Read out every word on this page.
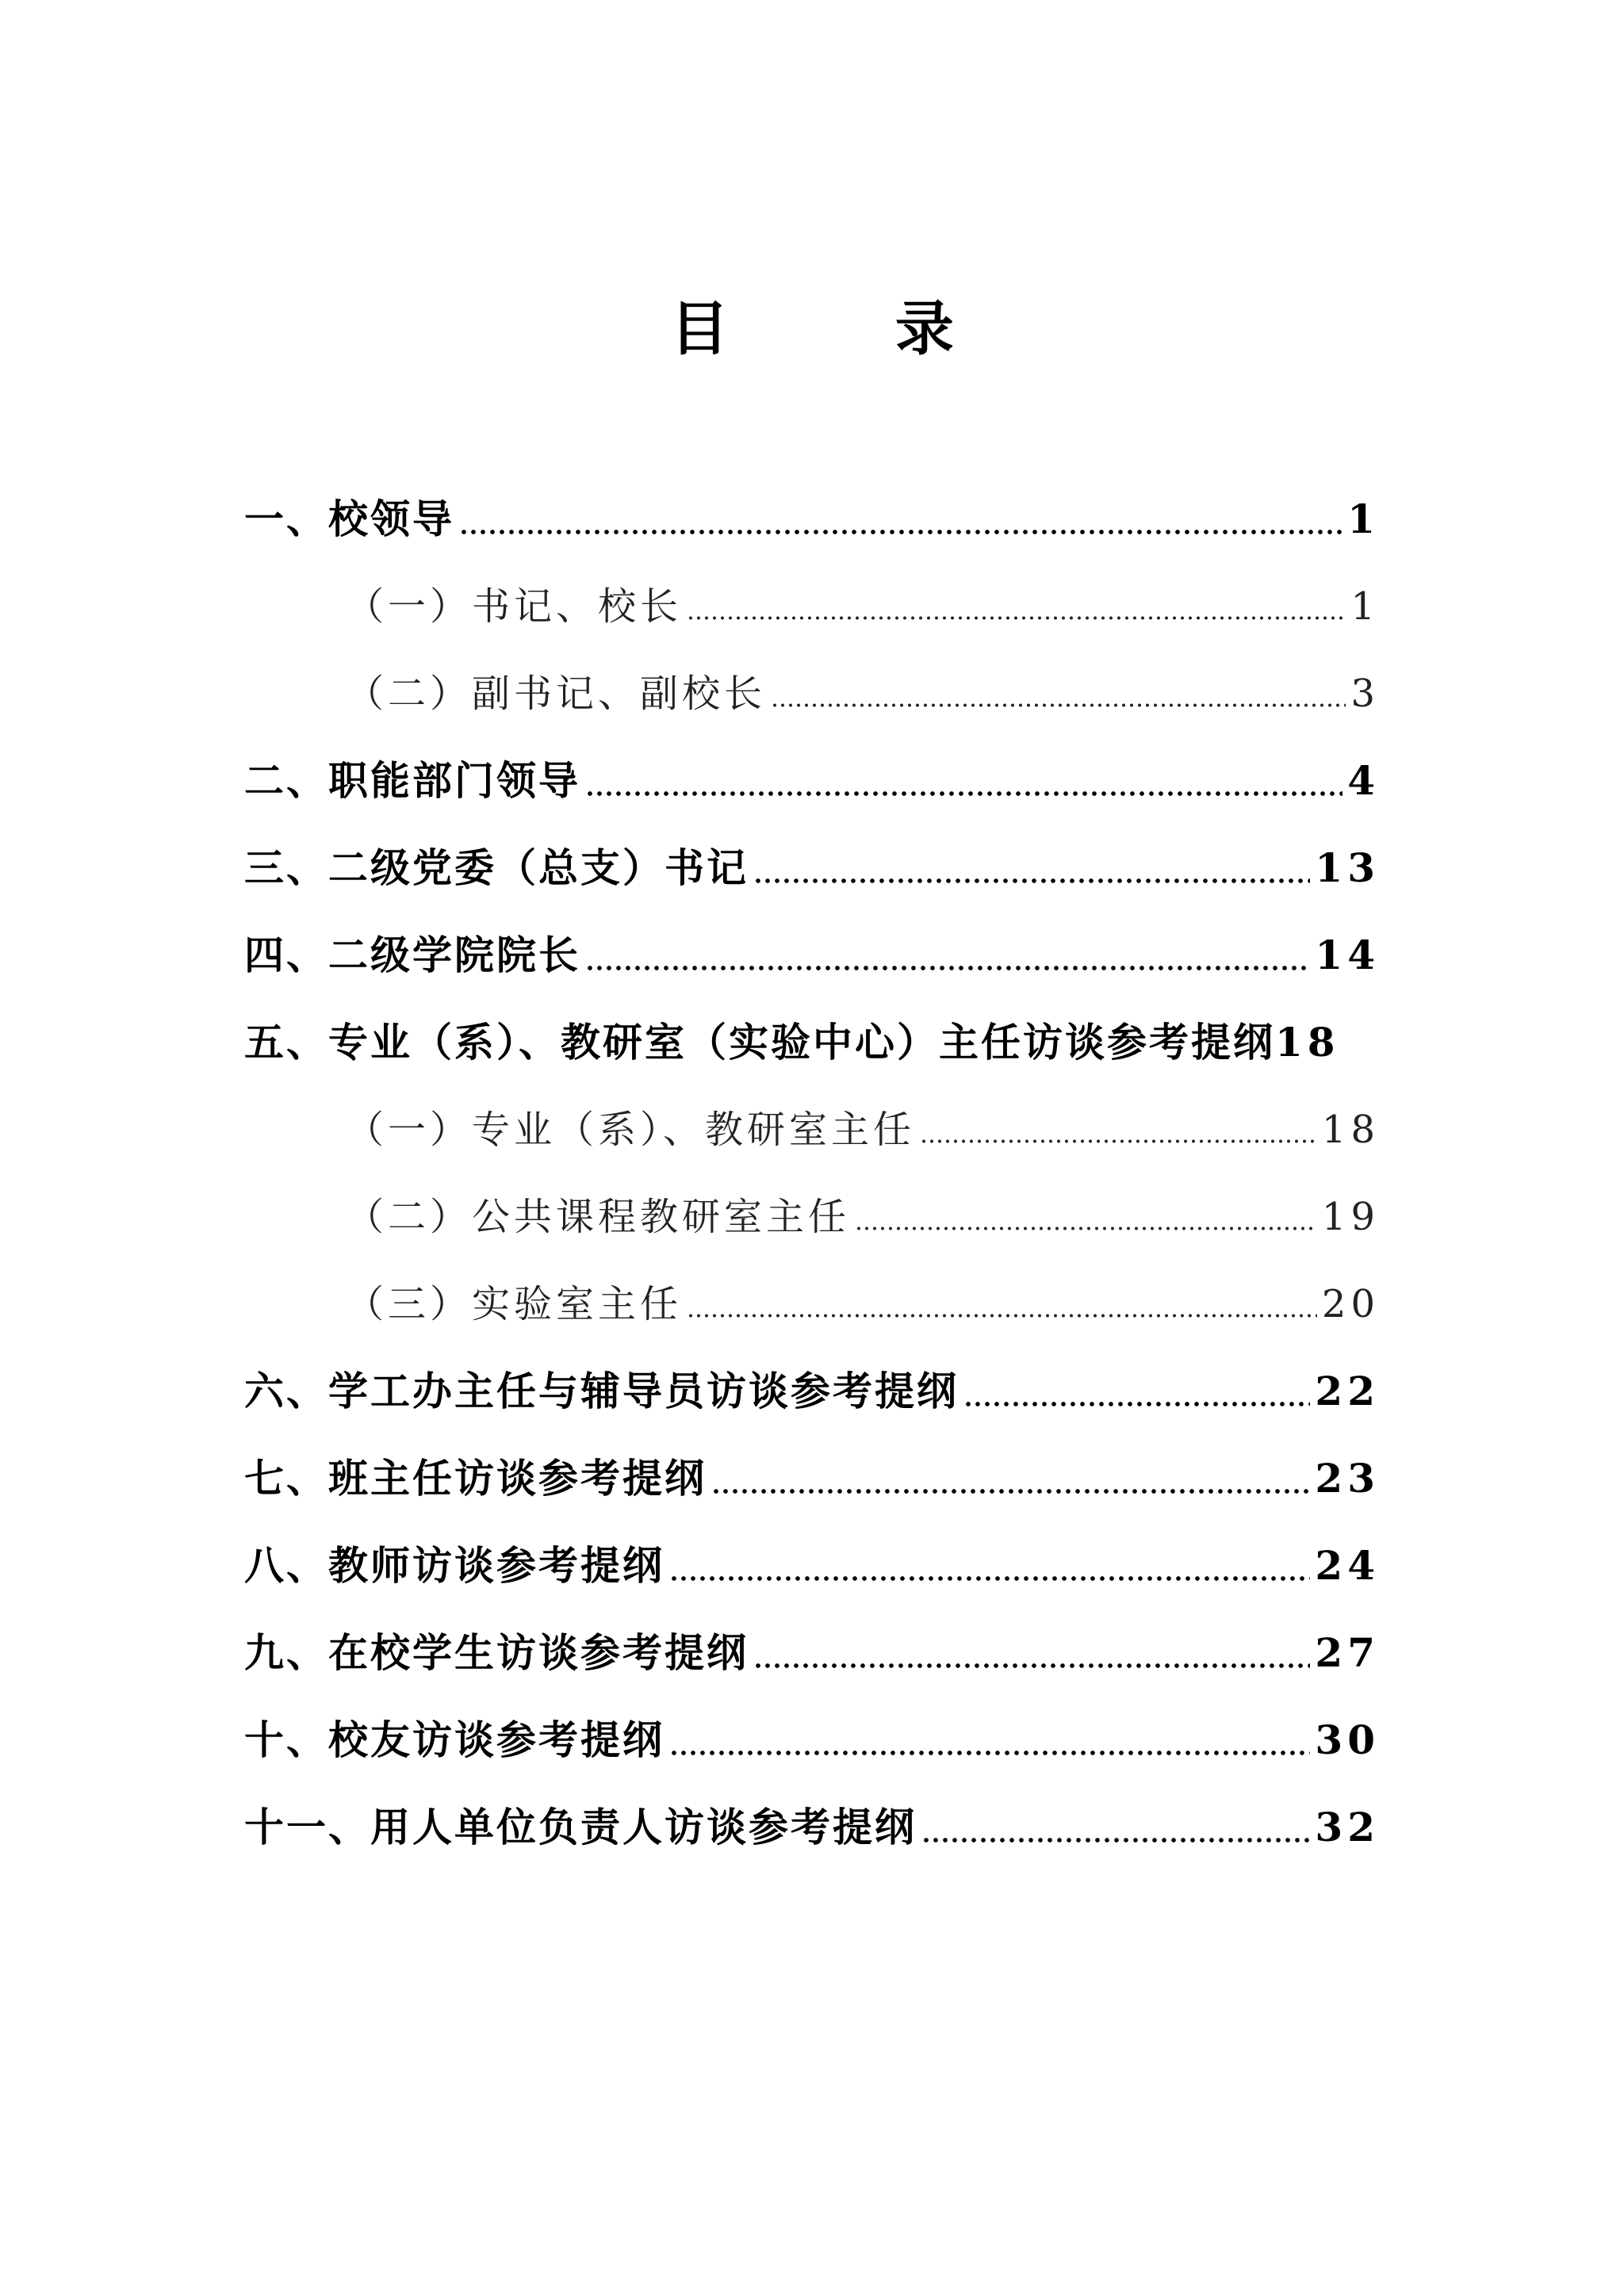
目 录
一、校领导	1
（一）书记、校长	1
（二）副书记、副校长	3
二、职能部门领导	4
三、二级党委（总支）书记	13
四、二级学院院长	14
五、专业（系）、教研室（实验中心）主任访谈参考提纲 18
（一）专业（系）、教研室主任	18
（二）公共课程教研室主任	19
（三）实验室主任	20
六、学工办主任与辅导员访谈参考提纲	22
七、班主任访谈参考提纲	23
八、教师访谈参考提纲	24
九、在校学生访谈参考提纲	27
十、校友访谈参考提纲	30
十一、用人单位负责人访谈参考提纲	32
